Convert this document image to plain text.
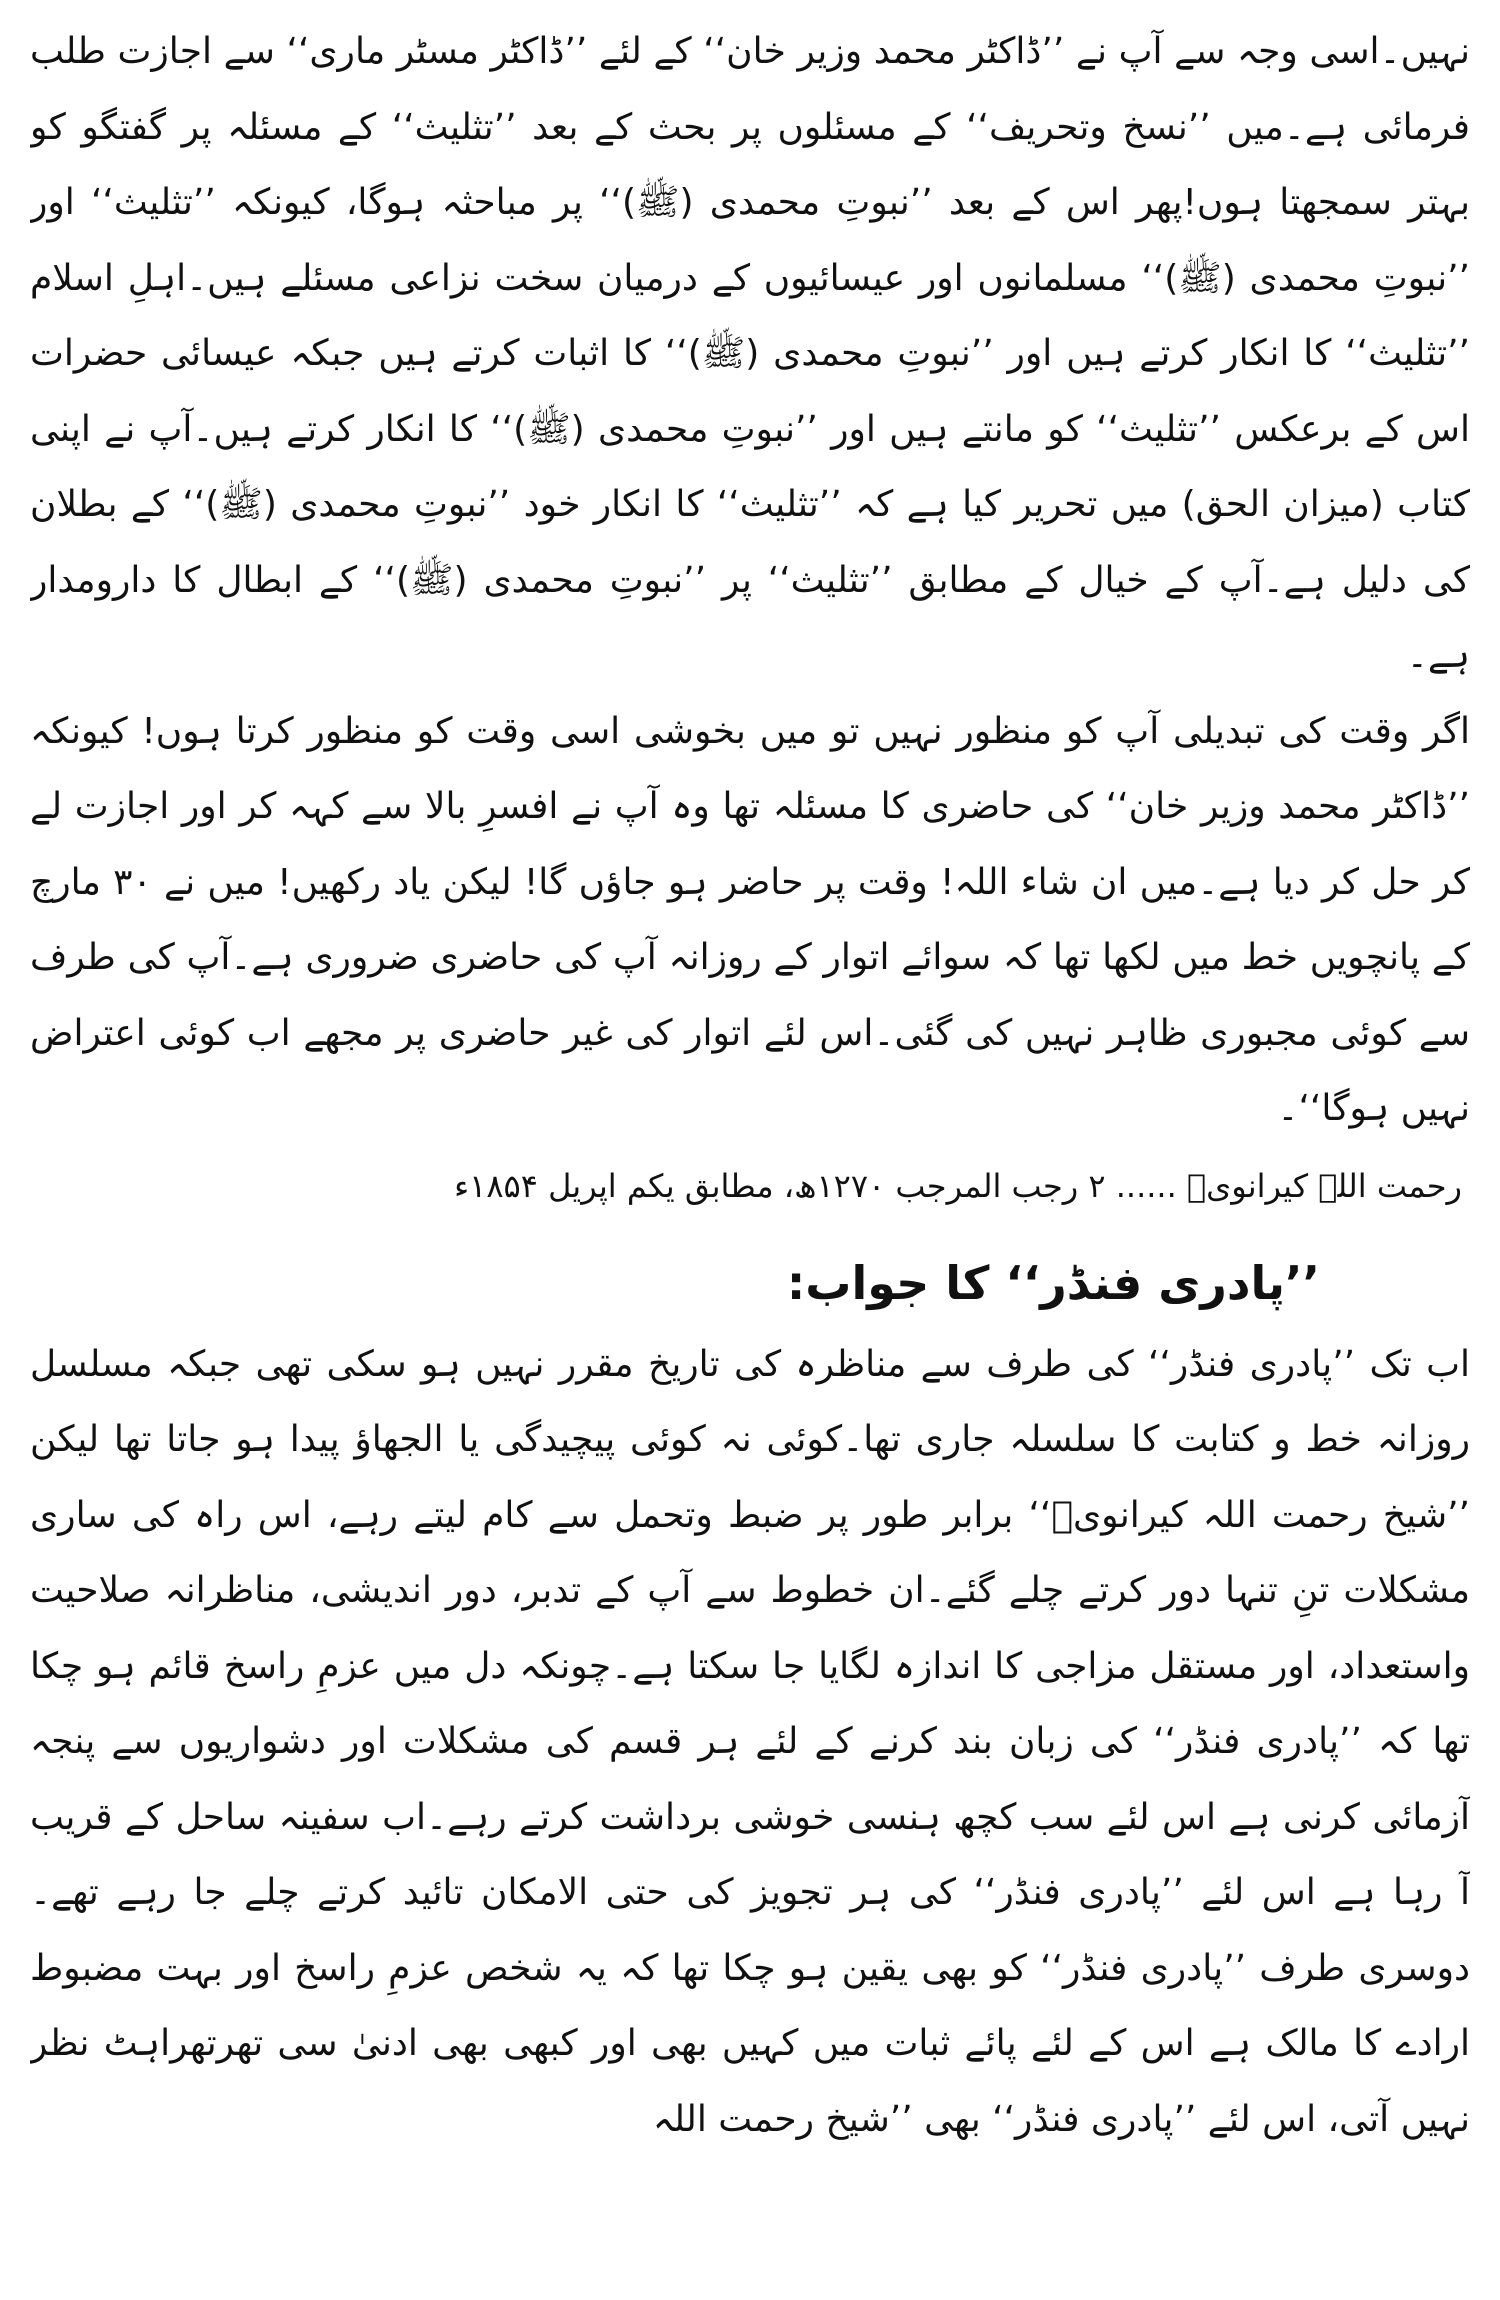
نہیں۔اسی وجہ سے آپ نے ’’ڈاکٹر محمد وزیر خان‘‘ کے لئے ’’ڈاکٹر مسٹر ماری‘‘ سے اجازت طلب فرمائی ہے۔میں ’’نسخ وتحریف‘‘ کے مسئلوں پر بحث کے بعد ’’تثلیث‘‘ کے مسئلہ پر گفتگو کو بہتر سمجھتا ہوں!پھر اس کے بعد ’’نبوتِ محمدی (ﷺ)‘‘ پر مباحثہ ہوگا، کیونکہ ’’تثلیث‘‘ اور ’’نبوتِ محمدی (ﷺ)‘‘ مسلمانوں اور عیسائیوں کے درمیان سخت نزاعی مسئلے ہیں۔اہلِ اسلام ’’تثلیث‘‘ کا انکار کرتے ہیں اور ’’نبوتِ محمدی (ﷺ)‘‘ کا اثبات کرتے ہیں جبکہ عیسائی حضرات اس کے برعکس ’’تثلیث‘‘ کو مانتے ہیں اور ’’نبوتِ محمدی (ﷺ)‘‘ کا انکار کرتے ہیں۔آپ نے اپنی کتاب (میزان الحق) میں تحریر کیا ہے کہ ’’تثلیث‘‘ کا انکار خود ’’نبوتِ محمدی (ﷺ)‘‘ کے بطلان کی دلیل ہے۔آپ کے خیال کے مطابق ’’تثلیث‘‘ پر ’’نبوتِ محمدی (ﷺ)‘‘ کے ابطال کا دارومدار ہے۔

اگر وقت کی تبدیلی آپ کو منظور نہیں تو میں بخوشی اسی وقت کو منظور کرتا ہوں! کیونکہ ’’ڈاکٹر محمد وزیر خان‘‘ کی حاضری کا مسئلہ تھا وہ آپ نے افسرِ بالا سے کہہ کر اور اجازت لے کر حل کر دیا ہے۔میں ان شاء اللہ! وقت پر حاضر ہو جاؤں گا! لیکن یاد رکھیں! میں نے ۳۰ مارچ کے پانچویں خط میں لکھا تھا کہ سوائے اتوار کے روزانہ آپ کی حاضری ضروری ہے۔آپ کی طرف سے کوئی مجبوری ظاہر نہیں کی گئی۔اس لئے اتوار کی غیر حاضری پر مجھے اب کوئی اعتراض نہیں ہوگا‘‘۔

رحمت اللہ کیرانویؒ ...... ۲ رجب المرجب ۱۲۷۰ھ، مطابق یکم اپریل ۱۸۵۴ء

’’پادری فنڈر‘‘ کا جواب:

اب تک ’’پادری فنڈر‘‘ کی طرف سے مناظرہ کی تاریخ مقرر نہیں ہو سکی تھی جبکہ مسلسل روزانہ خط و کتابت کا سلسلہ جاری تھا۔کوئی نہ کوئی پیچیدگی یا الجھاؤ پیدا ہو جاتا تھا لیکن ’’شیخ رحمت اللہ کیرانویؒ‘‘ برابر طور پر ضبط وتحمل سے کام لیتے رہے، اس راہ کی ساری مشکلات تنِ تنہا دور کرتے چلے گئے۔ان خطوط سے آپ کے تدبر، دور اندیشی، مناظرانہ صلاحیت واستعداد، اور مستقل مزاجی کا اندازہ لگایا جا سکتا ہے۔چونکہ دل میں عزمِ راسخ قائم ہو چکا تھا کہ ’’پادری فنڈر‘‘ کی زبان بند کرنے کے لئے ہر قسم کی مشکلات اور دشواریوں سے پنجہ آزمائی کرنی ہے اس لئے سب کچھ ہنسی خوشی برداشت کرتے رہے۔اب سفینہ ساحل کے قریب آ رہا ہے اس لئے ’’پادری فنڈر‘‘ کی ہر تجویز کی حتی الامکان تائید کرتے چلے جا رہے تھے۔دوسری طرف ’’پادری فنڈر‘‘ کو بھی یقین ہو چکا تھا کہ یہ شخص عزمِ راسخ اور بہت مضبوط ارادے کا مالک ہے اس کے لئے پائے ثبات میں کہیں بھی اور کبھی بھی ادنیٰ سی تھرتھراہٹ نظر نہیں آتی، اس لئے ’’پادری فنڈر‘‘ بھی ’’شیخ رحمت اللہ
